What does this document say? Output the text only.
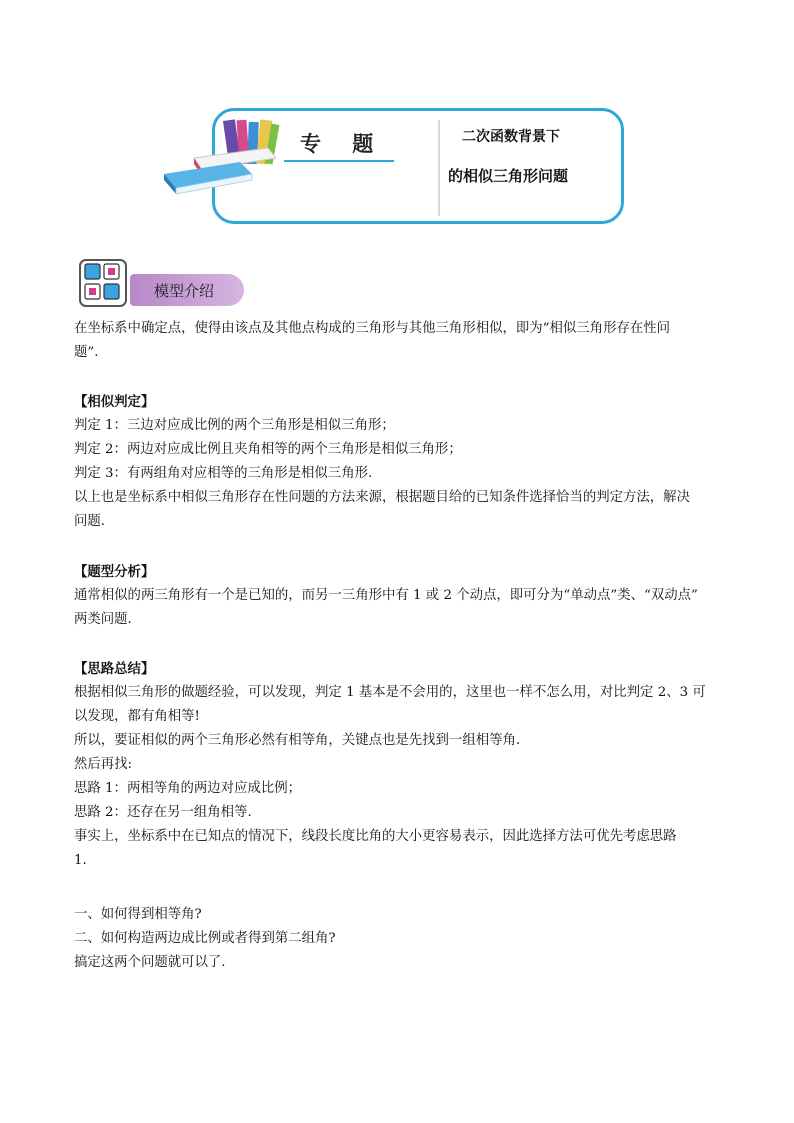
专 题	二次函数背景下
的相似三角形问题
模型介绍
在坐标系中确定点，使得由该点及其他点构成的三角形与其他三角形相似，即为“相似三角形存在性问
题”.
【相似判定】
判定 1：三边对应成比例的两个三角形是相似三角形；
判定 2：两边对应成比例且夹角相等的两个三角形是相似三角形；
判定 3：有两组角对应相等的三角形是相似三角形.
以上也是坐标系中相似三角形存在性问题的方法来源，根据题目给的已知条件选择恰当的判定方法，解决
问题.
【题型分析】
通常相似的两三角形有一个是已知的，而另一三角形中有 1 或 2 个动点，即可分为“单动点”类、“双动点”
两类问题.
【思路总结】
根据相似三角形的做题经验，可以发现，判定 1 基本是不会用的，这里也一样不怎么用，对比判定 2、3 可
以发现，都有角相等!
所以，要证相似的两个三角形必然有相等角，关键点也是先找到一组相等角.
然后再找:
思路 1：两相等角的两边对应成比例；
思路 2：还存在另一组角相等.
事实上，坐标系中在已知点的情况下，线段长度比角的大小更容易表示，因此选择方法可优先考虑思路
1.
一、如何得到相等角?
二、如何构造两边成比例或者得到第二组角?
搞定这两个问题就可以了.
